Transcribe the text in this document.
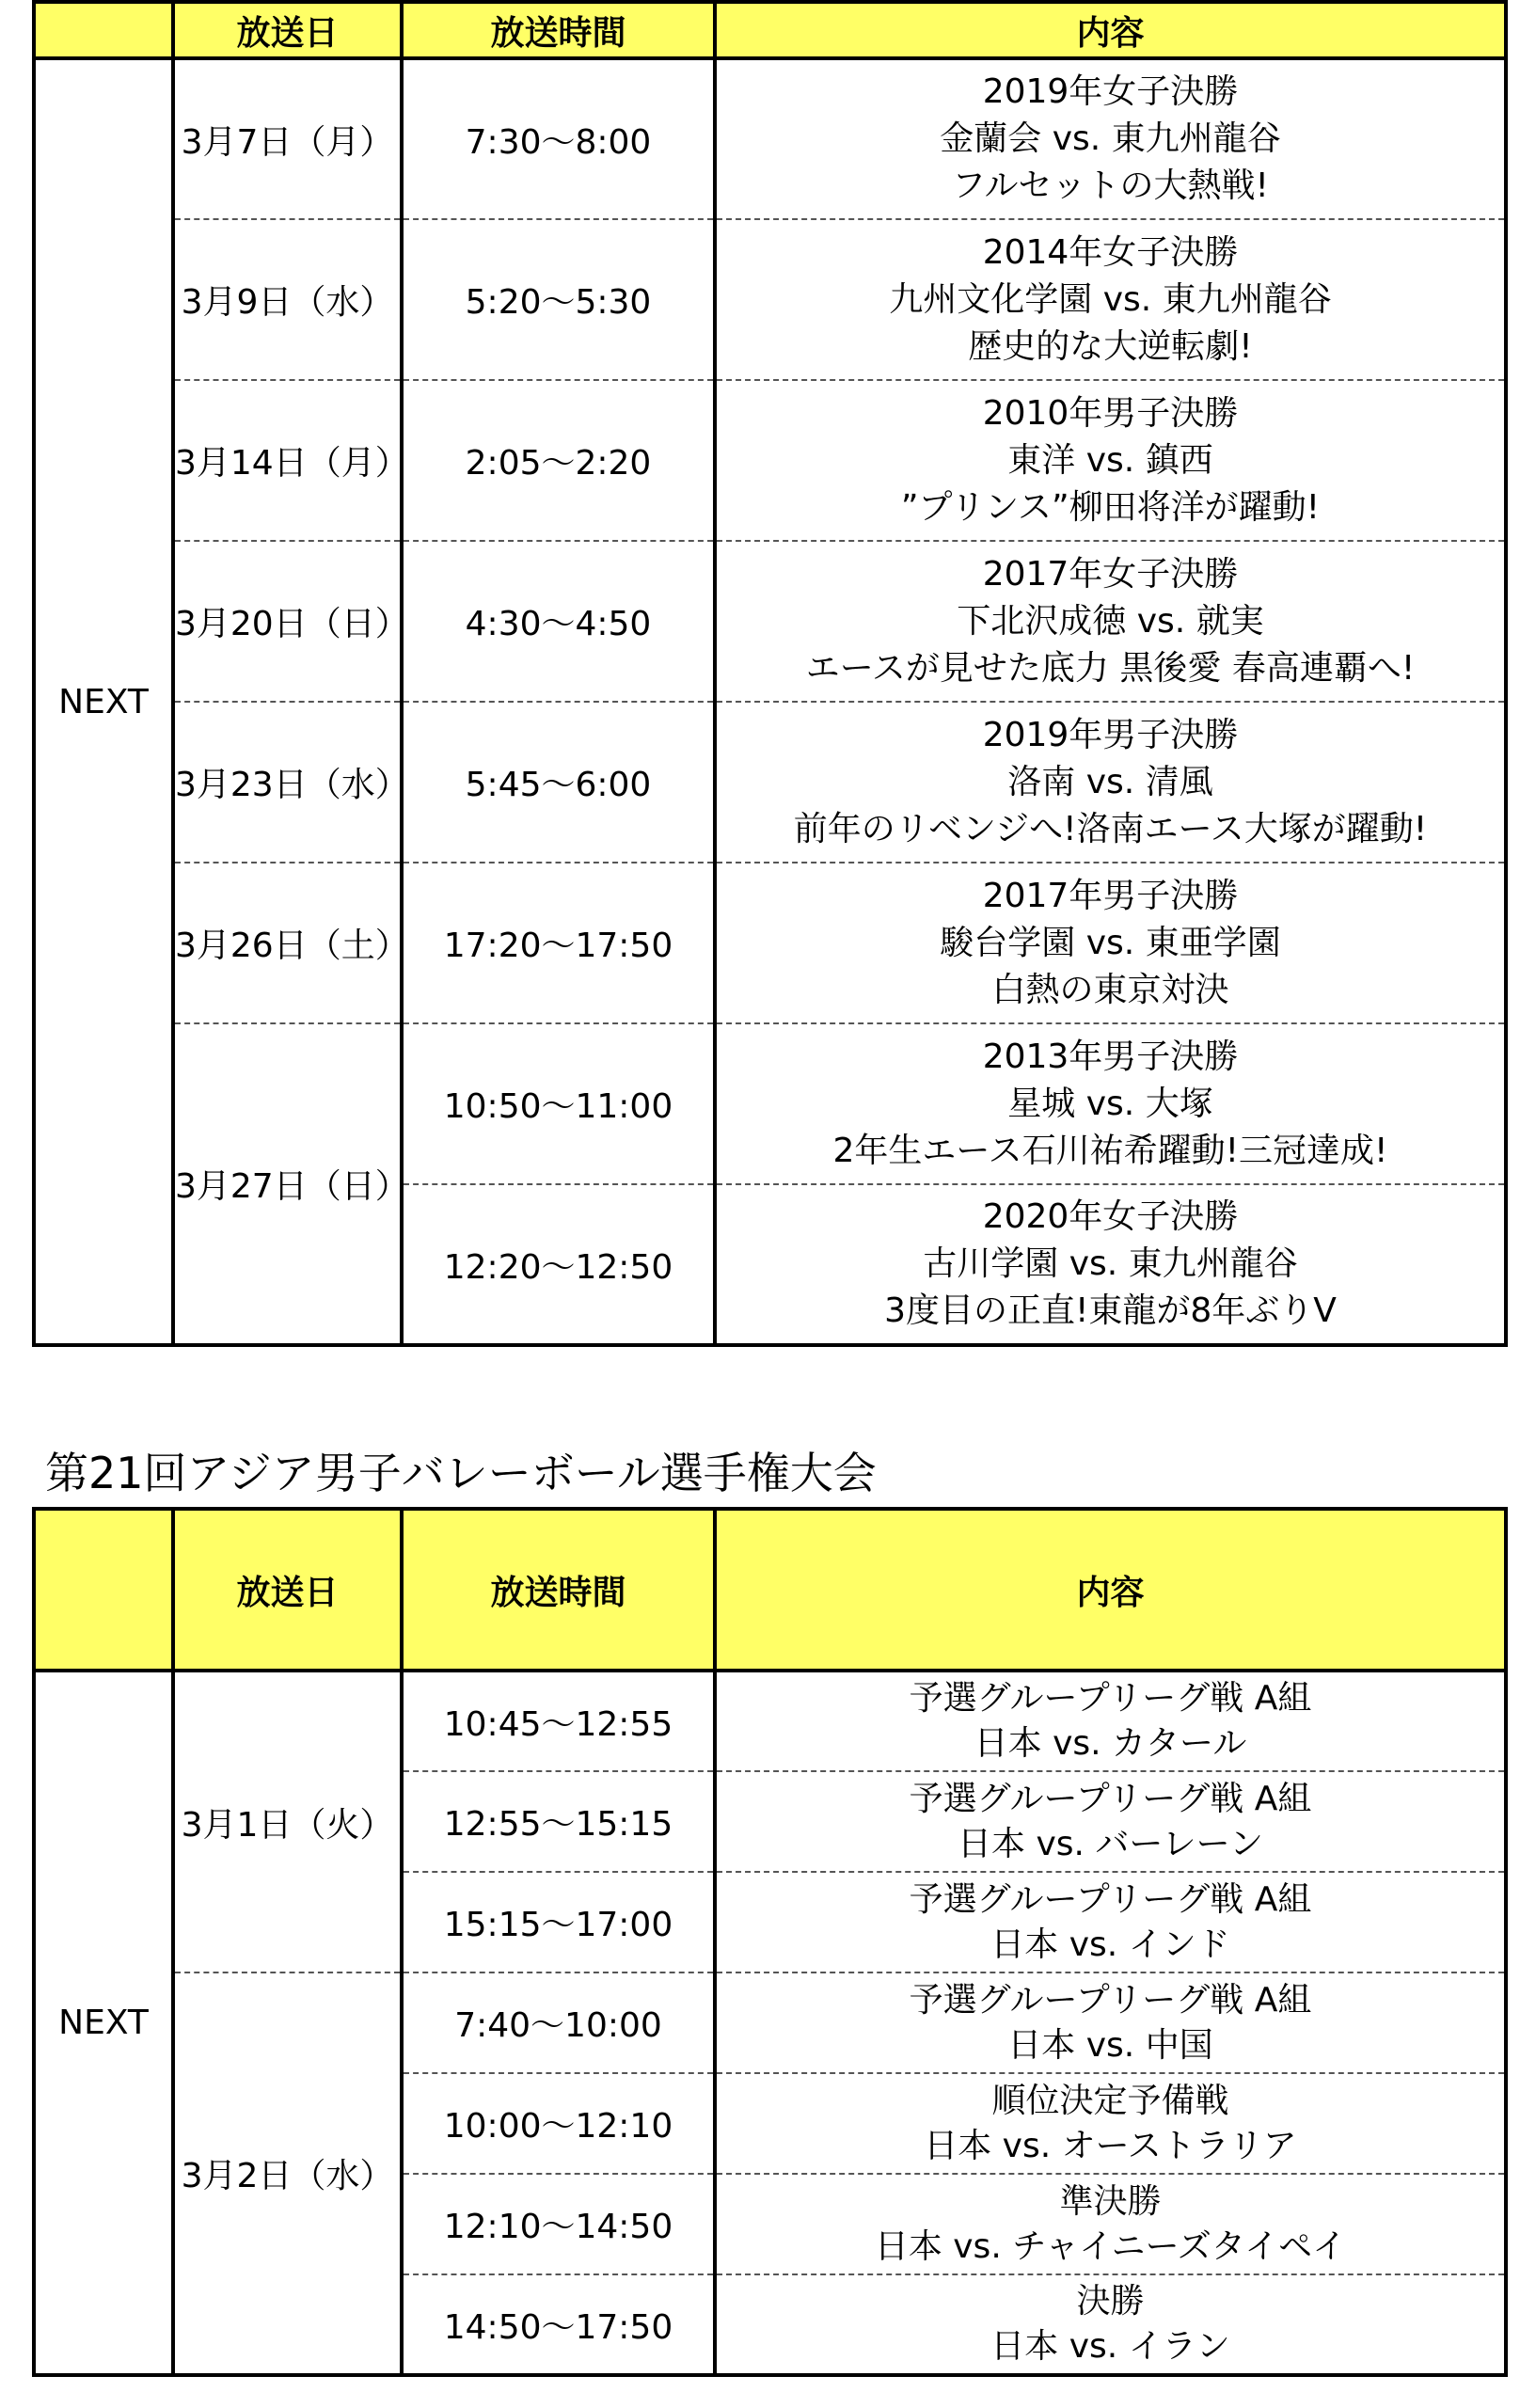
	放送日	放送時間	内容
NEXT	3月7日（月）	7:30～8:00	2019年女子決勝
金蘭会 vs. 東九州龍谷
フルセットの大熱戦!

	3月9日（水）	5:20～5:30	2014年女子決勝
九州文化学園 vs. 東九州龍谷
歴史的な大逆転劇!

	3月14日（月）	2:05～2:20	2010年男子決勝
東洋 vs. 鎮西
”プリンス”柳田将洋が躍動!

	3月20日（日）	4:30～4:50	2017年女子決勝
下北沢成徳 vs. 就実
エースが見せた底力 黒後愛 春高連覇へ!

	3月23日（水）	5:45～6:00	2019年男子決勝
洛南 vs. 清風
前年のリベンジへ!洛南エース大塚が躍動!

	3月26日（土）	17:20～17:50	2017年男子決勝
駿台学園 vs. 東亜学園
白熱の東京対決

	3月27日（日）	10:50～11:00	2013年男子決勝
星城 vs. 大塚
2年生エース石川祐希躍動!三冠達成!

		12:20～12:50	2020年女子決勝
古川学園 vs. 東九州龍谷
3度目の正直!東龍が8年ぶりV
第21回アジア男子バレーボール選手権大会
	放送日	放送時間	内容
NEXT	3月1日（火）	10:45～12:55	予選グループリーグ戦 A組
日本 vs. カタール

		12:55～15:15	予選グループリーグ戦 A組
日本 vs. バーレーン

		15:15～17:00	予選グループリーグ戦 A組
日本 vs. インド

	3月2日（水）	7:40～10:00	予選グループリーグ戦 A組
日本 vs. 中国

		10:00～12:10	順位決定予備戦
日本 vs. オーストラリア

		12:10～14:50	準決勝
日本 vs. チャイニーズタイペイ

		14:50～17:50	決勝
日本 vs. イラン
